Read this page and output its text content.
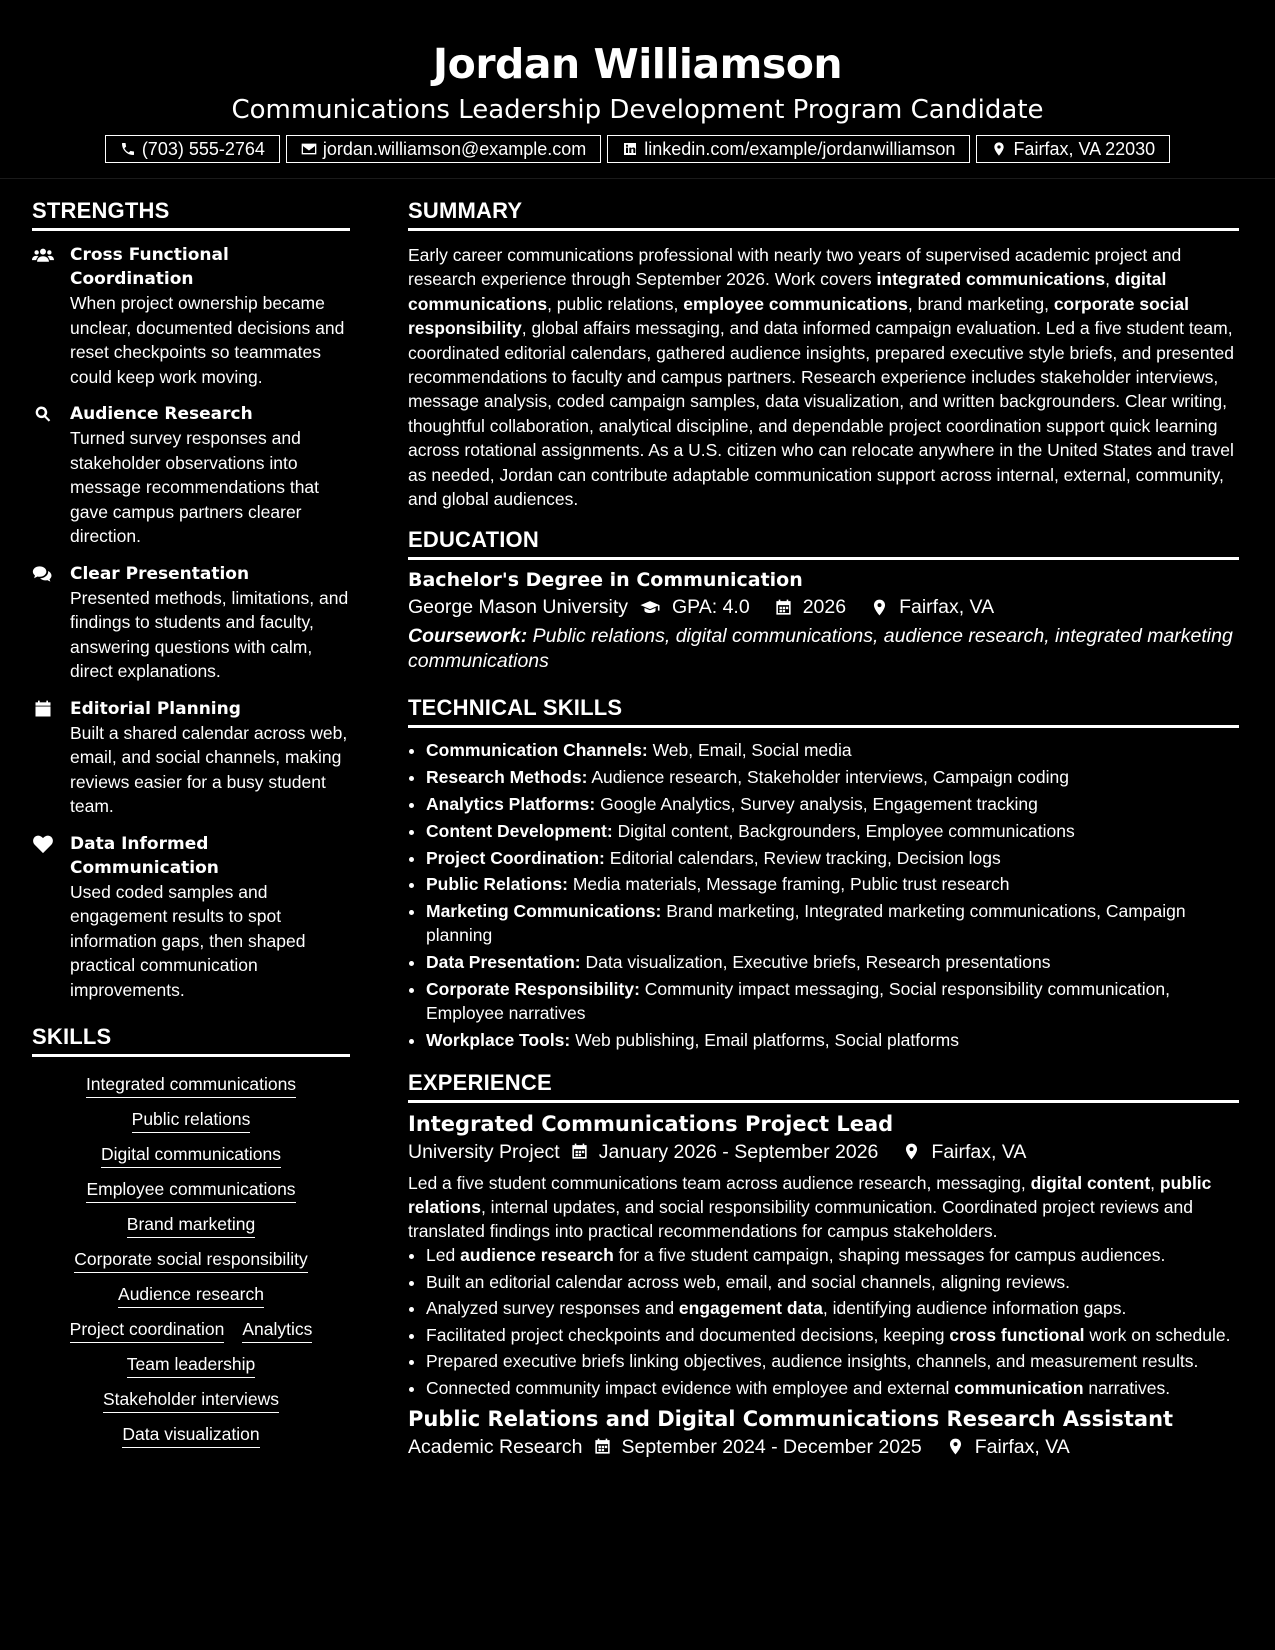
Jordan Williamson
Communications Leadership Development Program Candidate
(703) 555-2764	jordan.williamson@example.com	linkedin.com/example/jordanwilliamson	Fairfax, VA 22030
STRENGTHS
Cross Functional Coordination
When project ownership became unclear, documented decisions and reset checkpoints so teammates could keep work moving.
Audience Research
Turned survey responses and stakeholder observations into message recommendations that gave campus partners clearer direction.
Clear Presentation
Presented methods, limitations, and findings to students and faculty, answering questions with calm, direct explanations.
Editorial Planning
Built a shared calendar across web, email, and social channels, making reviews easier for a busy student team.
Data Informed Communication
Used coded samples and engagement results to spot information gaps, then shaped practical communication improvements.
SKILLS
Integrated communications
Public relations
Digital communications
Employee communications
Brand marketing
Corporate social responsibility
Audience research
Project coordination Analytics
Team leadership
Stakeholder interviews
Data visualization
SUMMARY
Early career communications professional with nearly two years of supervised academic project and research experience through September 2026. Work covers integrated communications, digital communications, public relations, employee communications, brand marketing, corporate social responsibility, global affairs messaging, and data informed campaign evaluation. Led a five student team, coordinated editorial calendars, gathered audience insights, prepared executive style briefs, and presented recommendations to faculty and campus partners. Research experience includes stakeholder interviews, message analysis, coded campaign samples, data visualization, and written backgrounders. Clear writing, thoughtful collaboration, analytical discipline, and dependable project coordination support quick learning across rotational assignments. As a U.S. citizen who can relocate anywhere in the United States and travel as needed, Jordan can contribute adaptable communication support across internal, external, community, and global audiences.
EDUCATION
Bachelor's Degree in Communication
George Mason University GPA: 4.0	2026	Fairfax, VA
Coursework: Public relations, digital communications, audience research, integrated marketing communications
TECHNICAL SKILLS
• Communication Channels: Web, Email, Social media
• Research Methods: Audience research, Stakeholder interviews, Campaign coding
• Analytics Platforms: Google Analytics, Survey analysis, Engagement tracking
• Content Development: Digital content, Backgrounders, Employee communications
• Project Coordination: Editorial calendars, Review tracking, Decision logs
• Public Relations: Media materials, Message framing, Public trust research
• Marketing Communications: Brand marketing, Integrated marketing communications, Campaign planning
• Data Presentation: Data visualization, Executive briefs, Research presentations
• Corporate Responsibility: Community impact messaging, Social responsibility communication, Employee narratives
• Workplace Tools: Web publishing, Email platforms, Social platforms
EXPERIENCE
Integrated Communications Project Lead
University Project January 2026 - September 2026	Fairfax, VA
Led a five student communications team across audience research, messaging, digital content, public relations, internal updates, and social responsibility communication. Coordinated project reviews and translated findings into practical recommendations for campus stakeholders.
• Led audience research for a five student campaign, shaping messages for campus audiences.
• Built an editorial calendar across web, email, and social channels, aligning reviews.
• Analyzed survey responses and engagement data, identifying audience information gaps.
• Facilitated project checkpoints and documented decisions, keeping cross functional work on schedule.
• Prepared executive briefs linking objectives, audience insights, channels, and measurement results.
• Connected community impact evidence with employee and external communication narratives.
Public Relations and Digital Communications Research Assistant
Academic Research September 2024 - December 2025	Fairfax, VA
